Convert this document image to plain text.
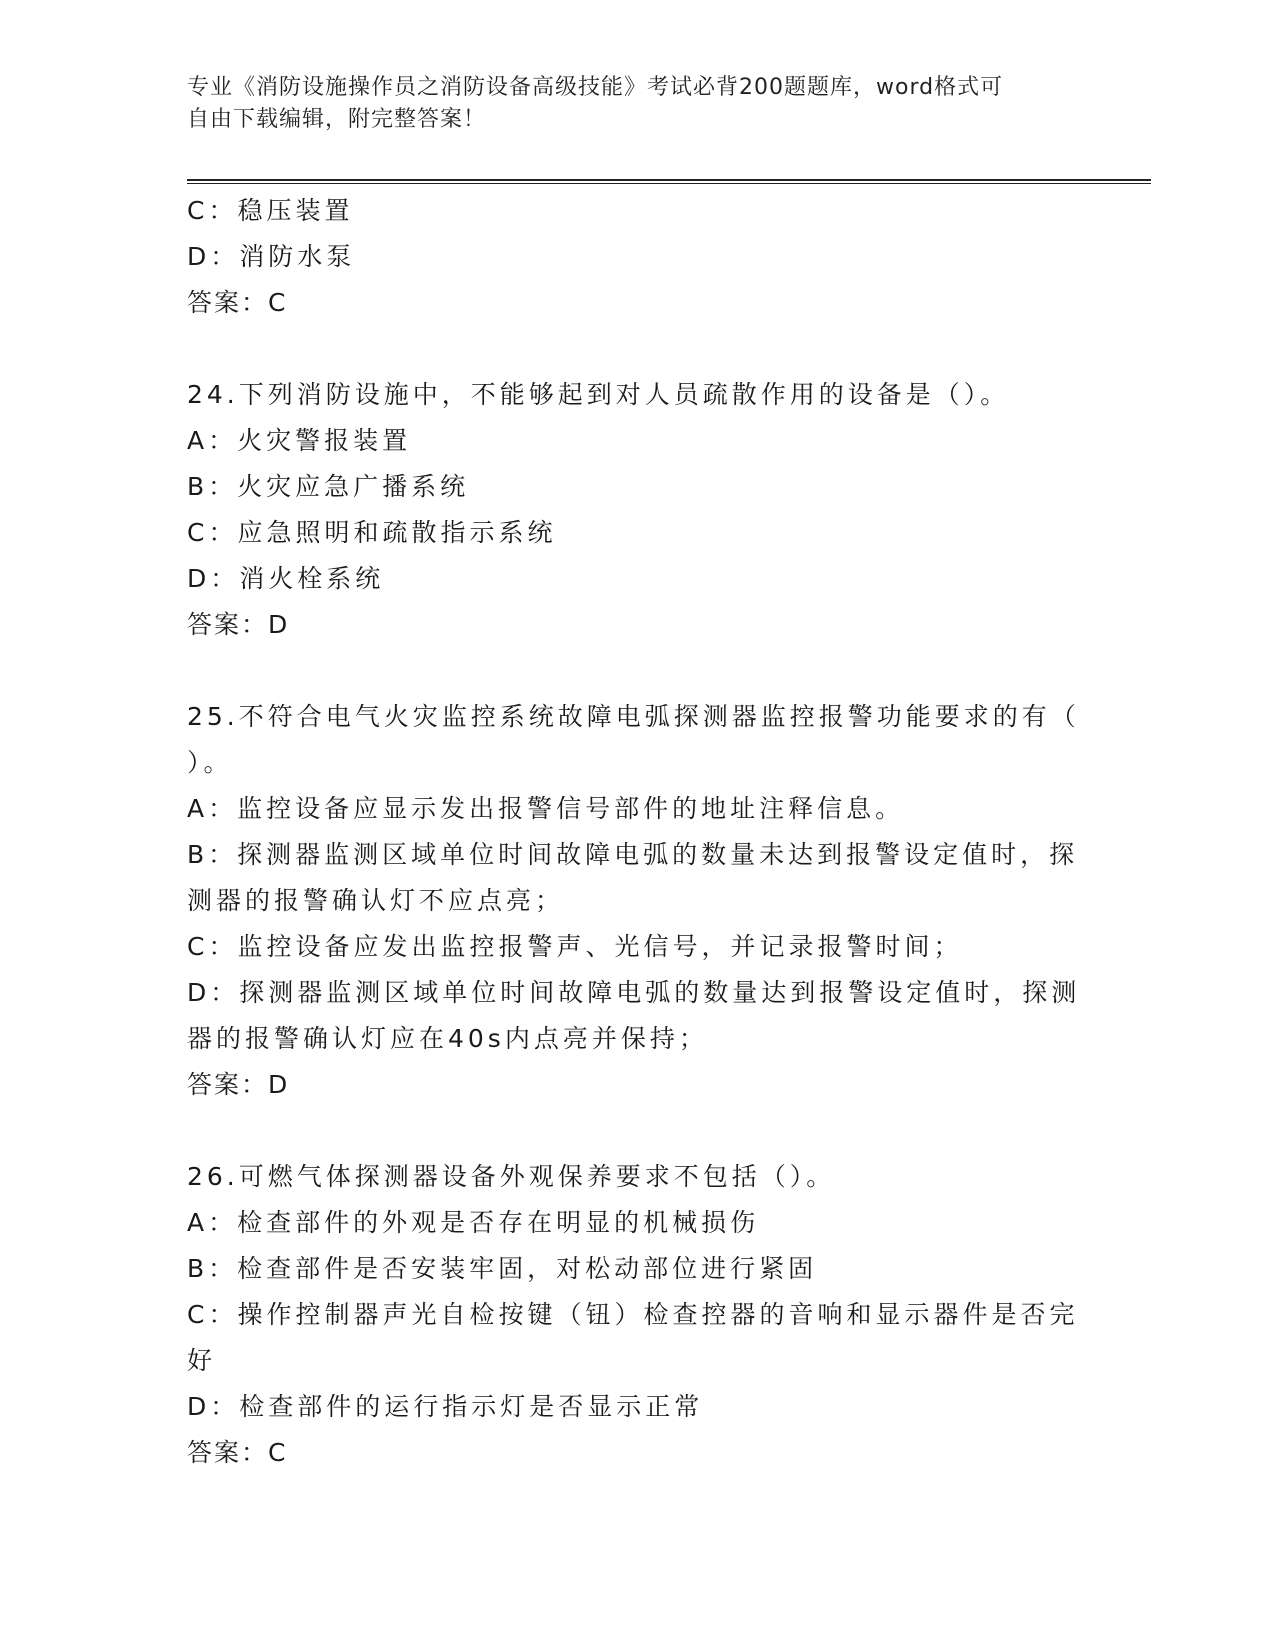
专业《消防设施操作员之消防设备高级技能》考试必背200题题库，word格式可
自由下载编辑，附完整答案！
C：稳压装置
D：消防水泵
答案：C
24.下列消防设施中，不能够起到对人员疏散作用的设备是（）。
A：火灾警报装置
B：火灾应急广播系统
C：应急照明和疏散指示系统
D：消火栓系统
答案：D
25.不符合电气火灾监控系统故障电弧探测器监控报警功能要求的有（
）。
A：监控设备应显示发出报警信号部件的地址注释信息。
B：探测器监测区域单位时间故障电弧的数量未达到报警设定值时，探
测器的报警确认灯不应点亮；
C：监控设备应发出监控报警声、光信号，并记录报警时间；
D：探测器监测区域单位时间故障电弧的数量达到报警设定值时，探测
器的报警确认灯应在40s内点亮并保持；
答案：D
26.可燃气体探测器设备外观保养要求不包括（）。
A：检查部件的外观是否存在明显的机械损伤
B：检查部件是否安装牢固，对松动部位进行紧固
C：操作控制器声光自检按键（钮）检查控器的音响和显示器件是否完
好
D：检查部件的运行指示灯是否显示正常
答案：C
